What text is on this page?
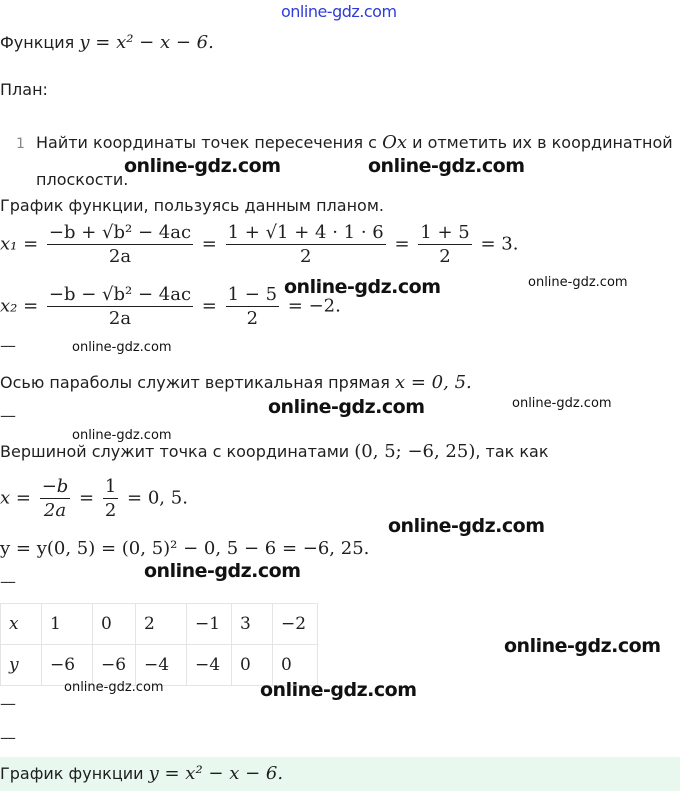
online-gdz.com
Функция y = x² − x − 6.
План:
1 Найти координаты точек пересечения с Ox и отметить их в координатной
плоскости.
График функции, пользуясь данным планом.
$x_1 = \frac{\text{−b + √b² − 4ac}}{2a} = \frac{1 + √1 + 4 \cdot 1 \cdot 6}{2} = \frac{1 + 5}{2} = 3$.
$x_2 = \frac{\text{−b − √b² − 4ac}}{2a} = \frac{1 - 5}{2} = -2$.
—
Осью параболы служит вертикальная прямая x = 0, 5.
—
Вершиной служит точка с координатами (0, 5; −6, 25), так как
$x = \frac{-b}{2a} = \frac{1}{2} = 0$, 5.
y = y(0, 5) = (0, 5)² − 0, 5 − 6 = −6, 25.
—
x	1	0	2	−1	3	−2
y	−6	−6	−4	−4	0	0
—
—
График функции y = x² − x − 6.
online-gdz.com	online-gdz.com
online-gdz.com	online-gdz.com
online-gdz.com
online-gdz.com	online-gdz.com
online-gdz.com
online-gdz.com
online-gdz.com
online-gdz.com
online-gdz.com	online-gdz.com
